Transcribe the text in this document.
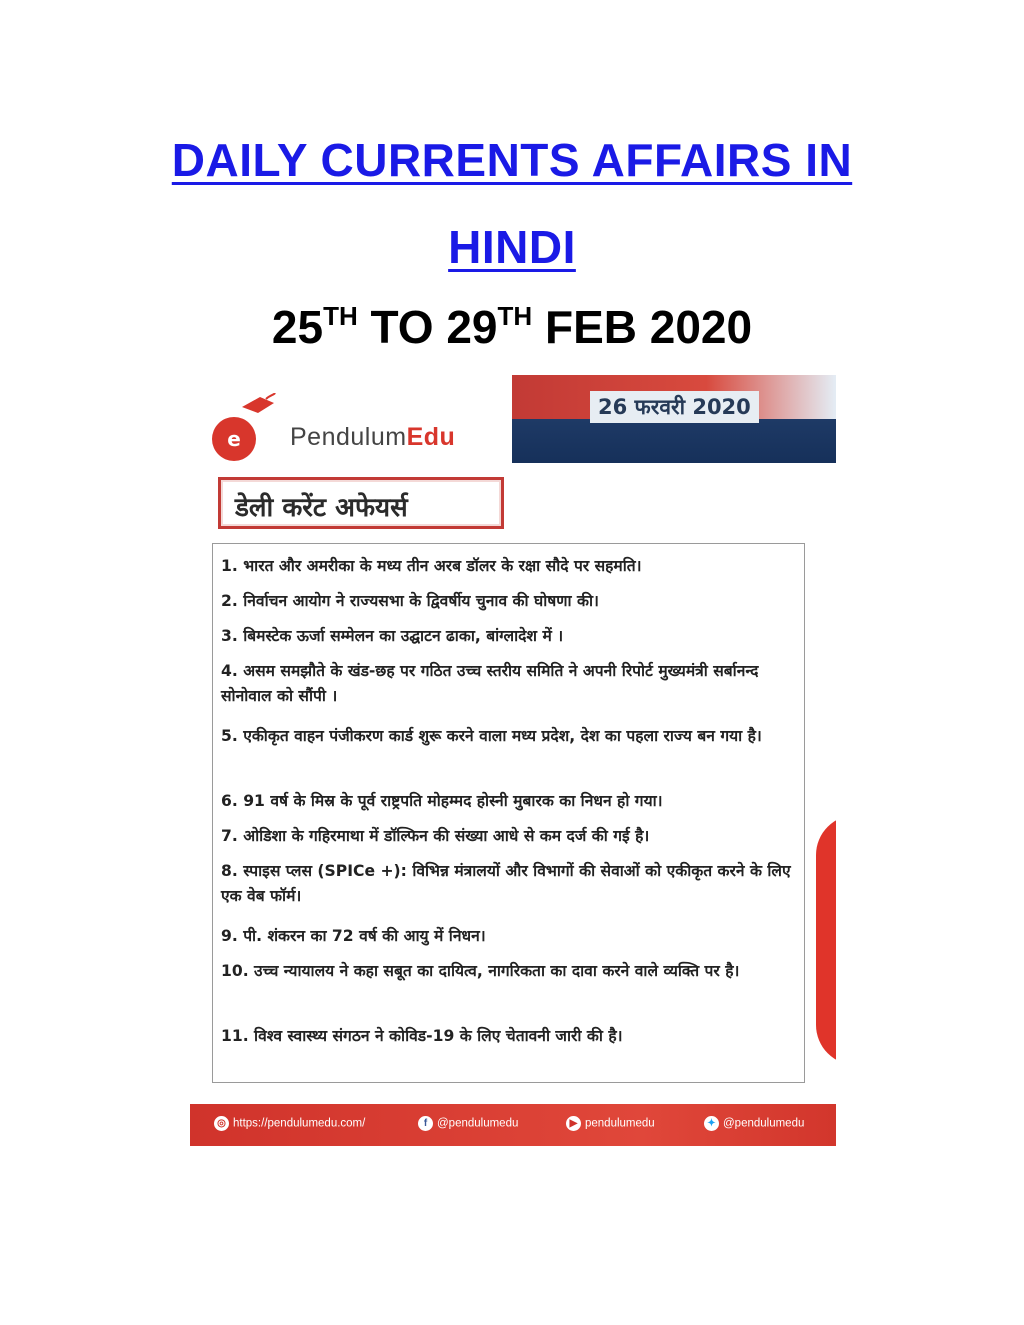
DAILY CURRENTS AFFAIRS IN
HINDI
25TH TO 29TH FEB 2020
26 फरवरी 2020
e	PendulumEdu
डेली करेंट अफेयर्स
1. भारत और अमरीका के मध्य तीन अरब डॉलर के रक्षा सौदे पर सहमति।
2. निर्वाचन आयोग ने राज्यसभा के द्विवर्षीय चुनाव की घोषणा की।
3. बिमस्टेक ऊर्जा सम्मेलन का उद्घाटन ढाका, बांग्लादेश में ।
4. असम समझौते के खंड-छह पर गठित उच्च स्तरीय समिति ने अपनी रिपोर्ट मुख्यमंत्री सर्बानन्द सोनोवाल को सौंपी ।
5. एकीकृत वाहन पंजीकरण कार्ड शुरू करने वाला मध्य प्रदेश, देश का पहला राज्य बन गया है।
6. 91 वर्ष के मिस्र के पूर्व राष्ट्रपति मोहम्मद होस्नी मुबारक का निधन हो गया।
7. ओडिशा के गहिरमाथा में डॉल्फिन की संख्या आधे से कम दर्ज की गई है।
8. स्पाइस प्लस (SPICe +): विभिन्न मंत्रालयों और विभागों की सेवाओं को एकीकृत करने के लिए एक वेब फॉर्म।
9. पी. शंकरन का 72 वर्ष की आयु में निधन।
10. उच्च न्यायालय ने कहा सबूत का दायित्व, नागरिकता का दावा करने वाले व्यक्ति पर है।
11. विश्व स्वास्थ्य संगठन ने कोविड-19 के लिए चेतावनी जारी की है।
◎ https://pendulumedu.com/	f @pendulumedu	▶ pendulumedu	✦ @pendulumedu
